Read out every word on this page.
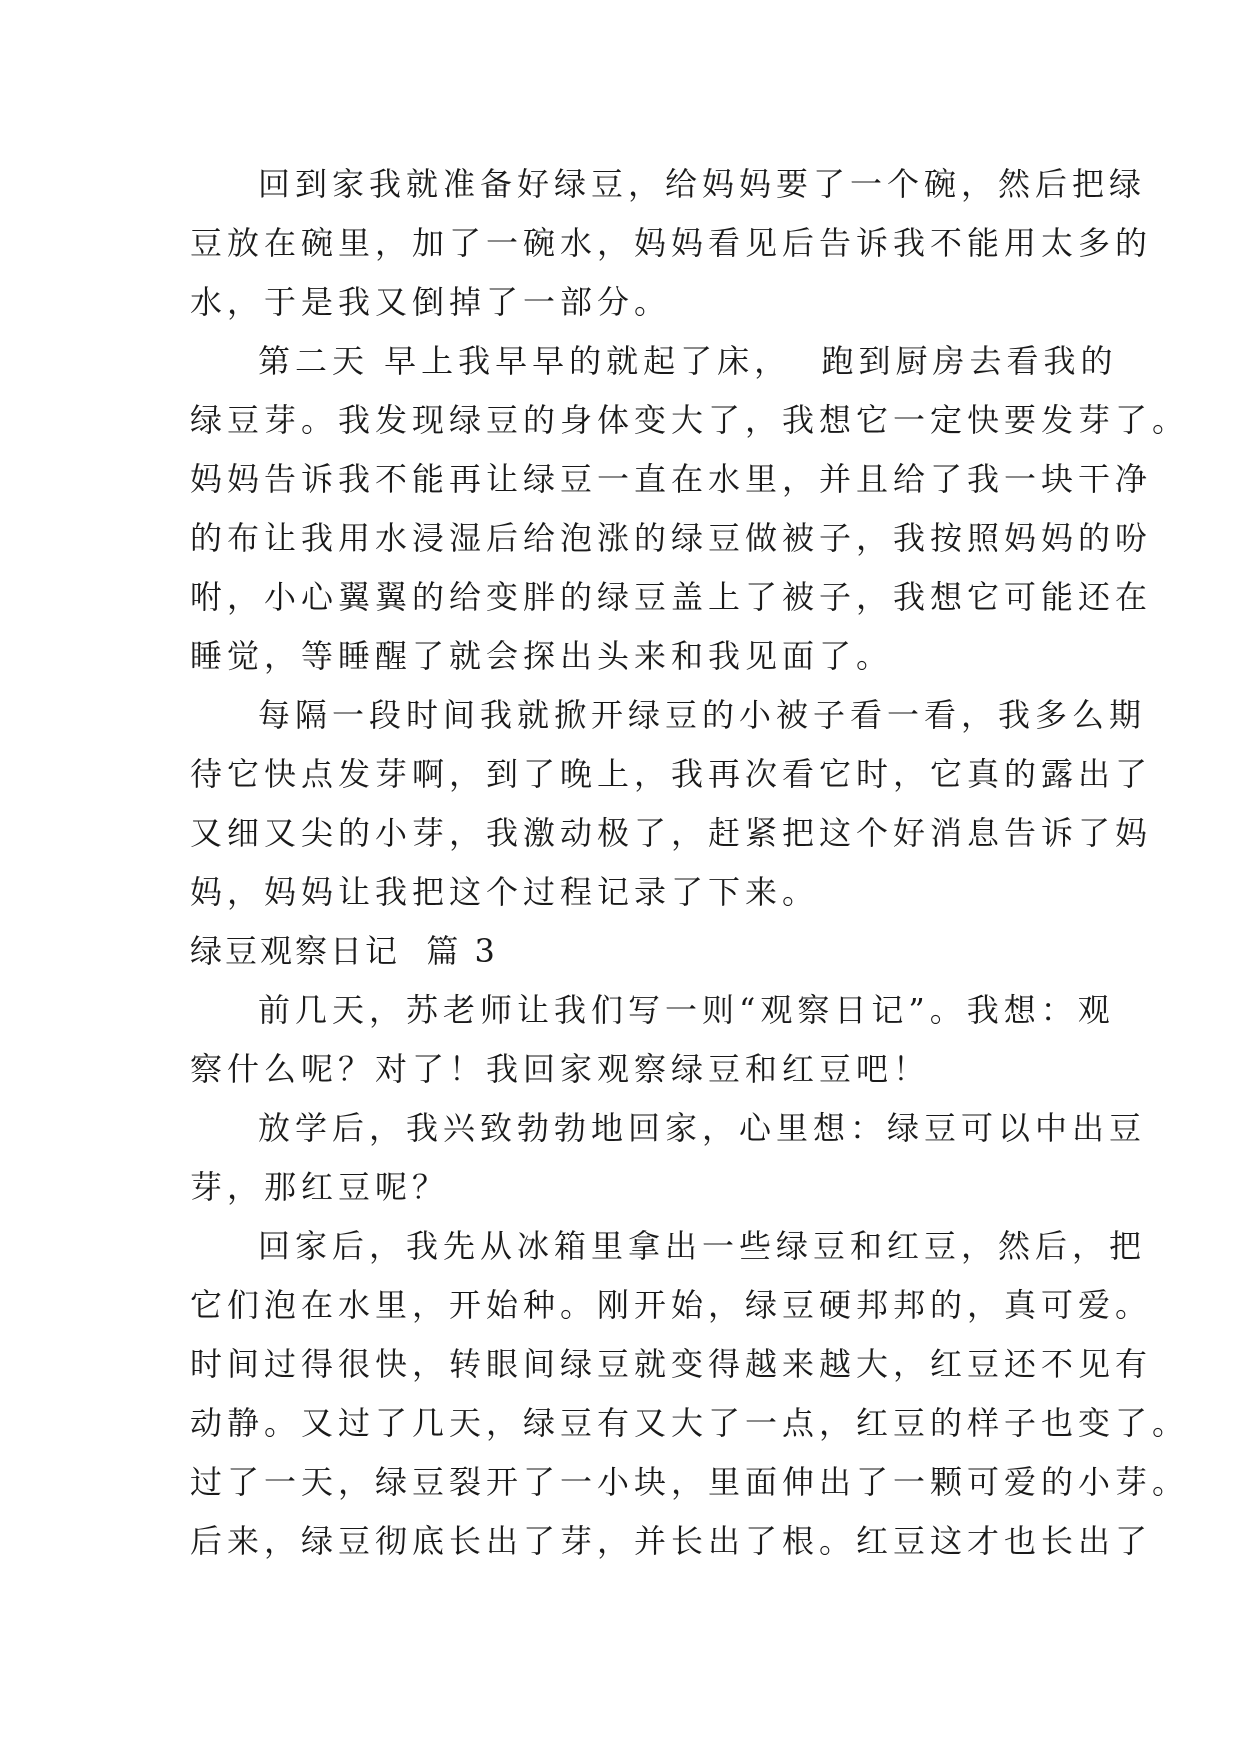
回到家我就准备好绿豆，给妈妈要了一个碗，然后把绿
豆放在碗里，加了一碗水，妈妈看见后告诉我不能用太多的
水，于是我又倒掉了一部分。
第二天 早上我早早的就起了床，  跑到厨房去看我的
绿豆芽。我发现绿豆的身体变大了，我想它一定快要发芽了。
妈妈告诉我不能再让绿豆一直在水里，并且给了我一块干净
的布让我用水浸湿后给泡涨的绿豆做被子，我按照妈妈的吩
咐，小心翼翼的给变胖的绿豆盖上了被子，我想它可能还在
睡觉，等睡醒了就会探出头来和我见面了。
每隔一段时间我就掀开绿豆的小被子看一看，我多么期
待它快点发芽啊，到了晚上，我再次看它时，它真的露出了
又细又尖的小芽，我激动极了，赶紧把这个好消息告诉了妈
妈，妈妈让我把这个过程记录了下来。
绿豆观察日记  篇 3
前几天，苏老师让我们写一则“观察日记”。我想：观
察什么呢？对了！我回家观察绿豆和红豆吧！
放学后，我兴致勃勃地回家，心里想：绿豆可以中出豆
芽，那红豆呢？
回家后，我先从冰箱里拿出一些绿豆和红豆，然后，把
它们泡在水里，开始种。刚开始，绿豆硬邦邦的，真可爱。
时间过得很快，转眼间绿豆就变得越来越大，红豆还不见有
动静。又过了几天，绿豆有又大了一点，红豆的样子也变了。
过了一天，绿豆裂开了一小块，里面伸出了一颗可爱的小芽。
后来，绿豆彻底长出了芽，并长出了根。红豆这才也长出了
